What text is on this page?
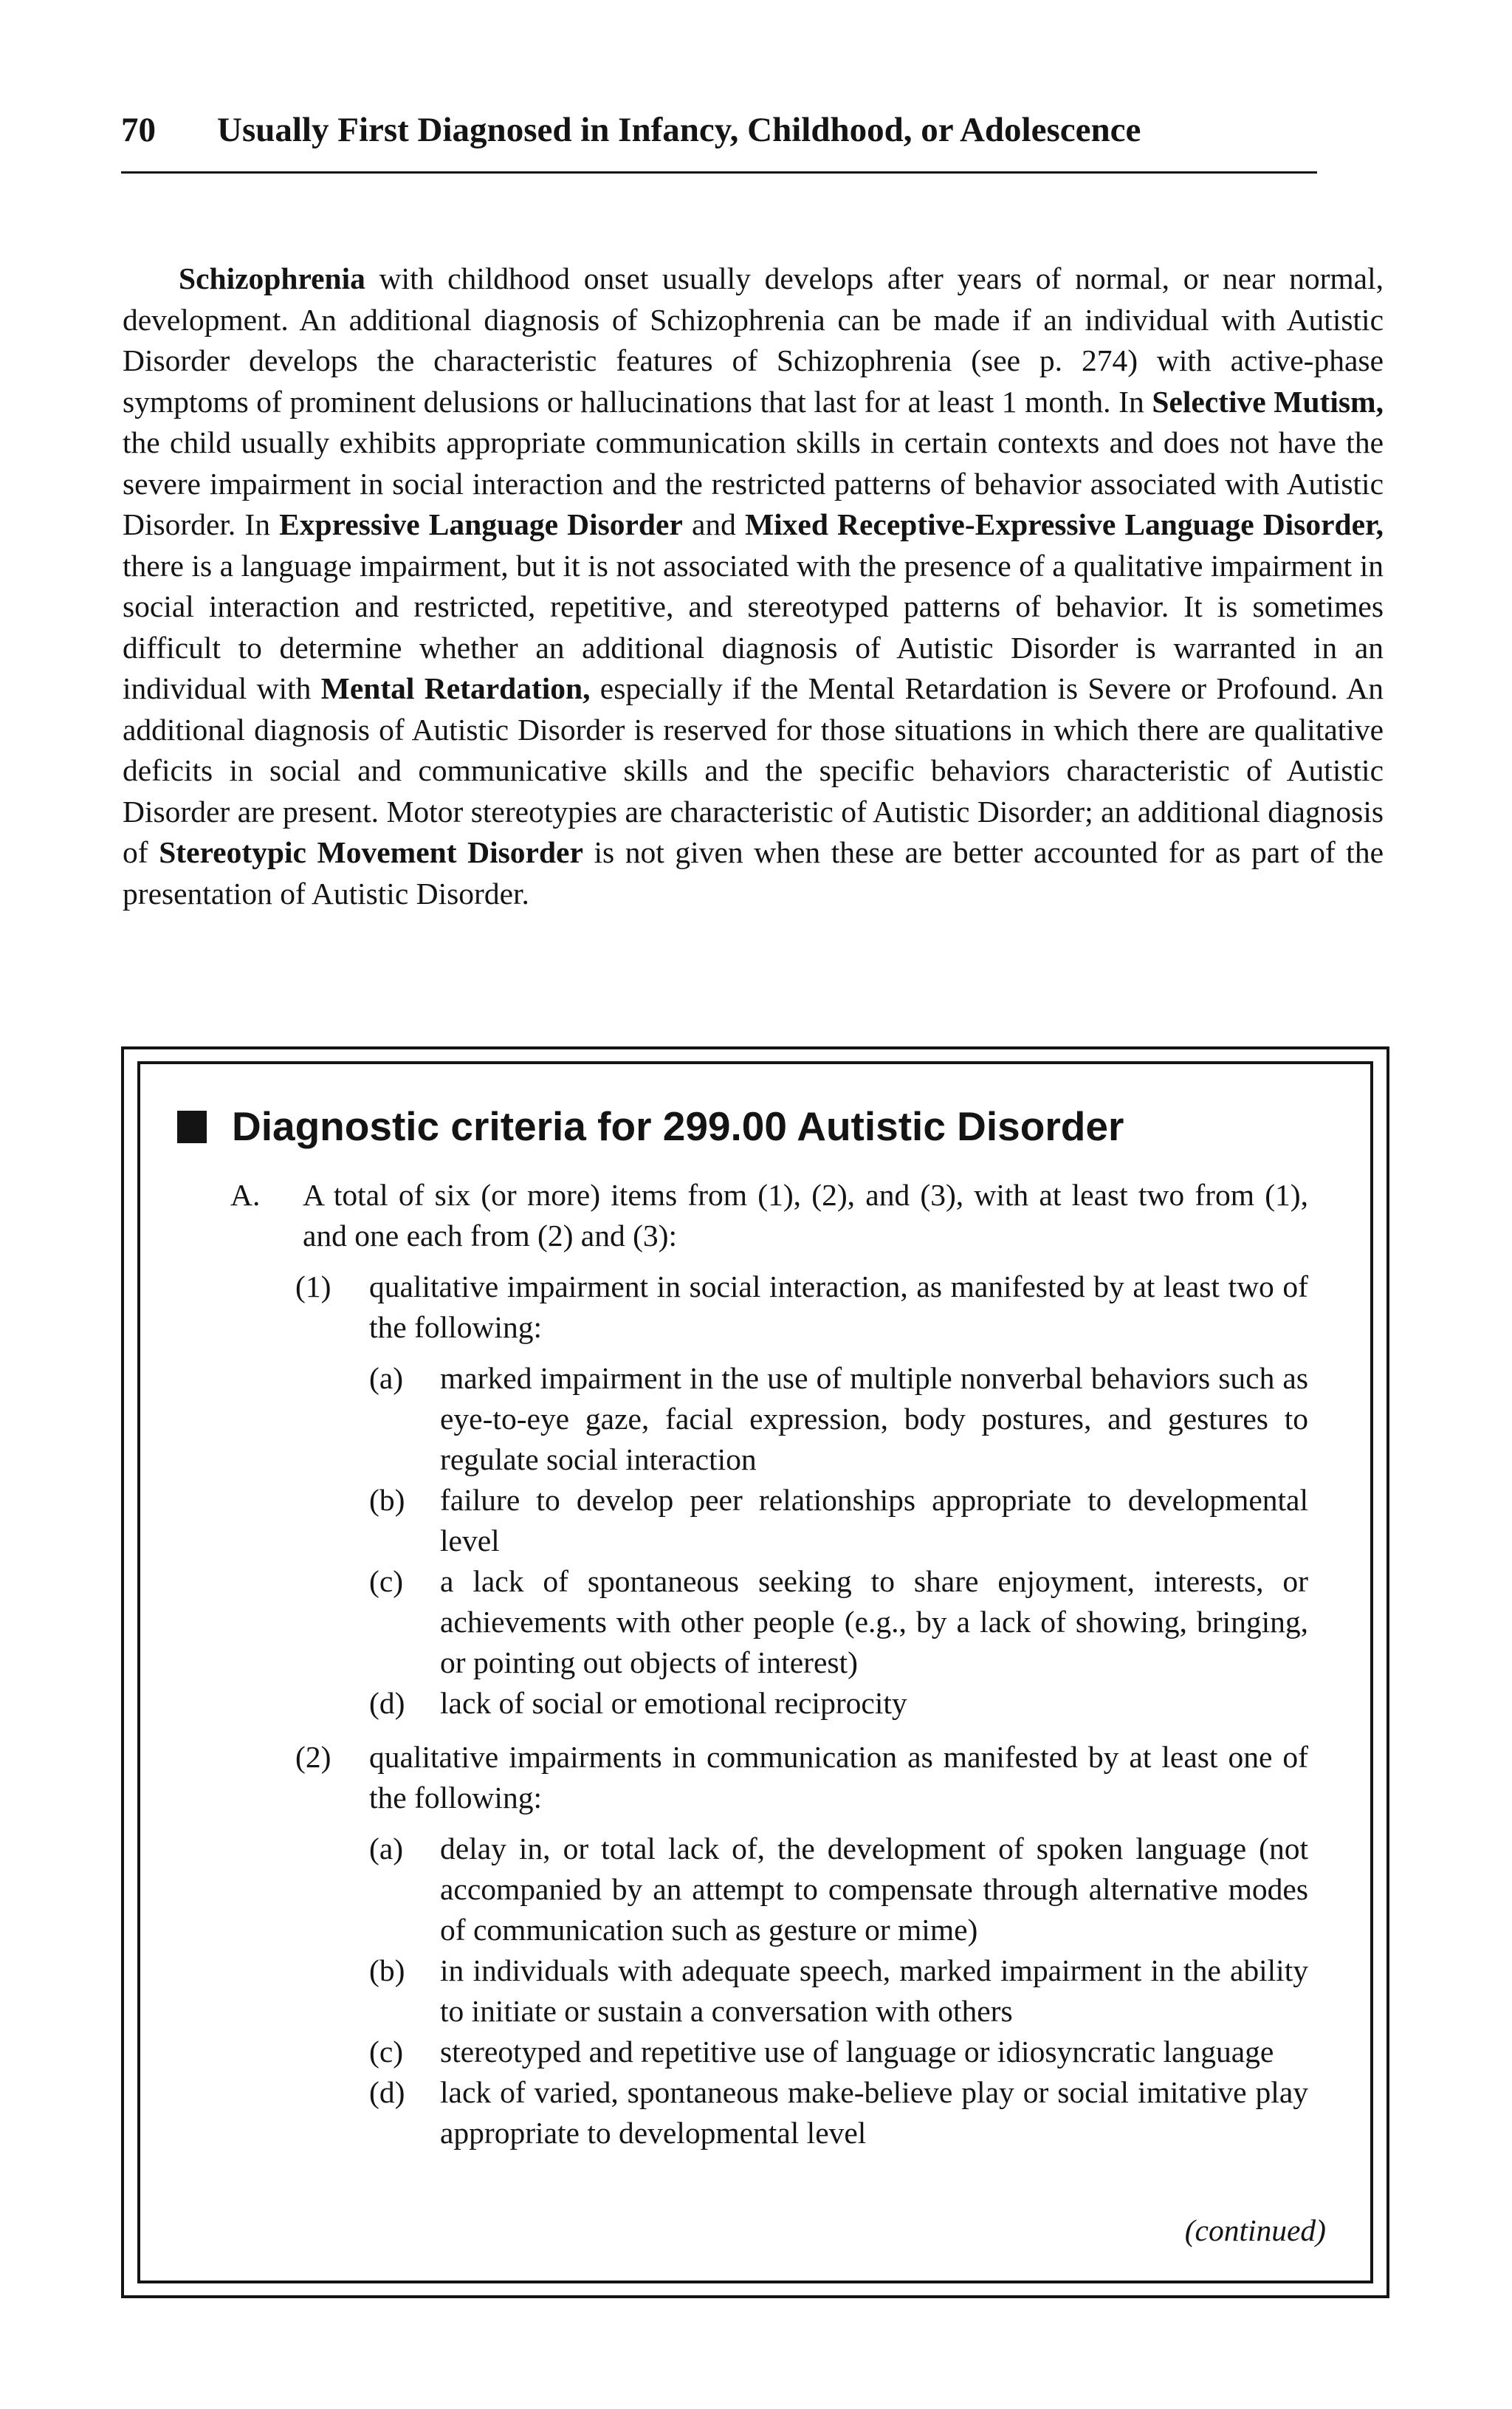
70 Usually First Diagnosed in Infancy, Childhood, or Adolescence

Schizophrenia with childhood onset usually develops after years of normal, or near normal, development. An additional diagnosis of Schizophrenia can be made if an individual with Autistic Disorder develops the characteristic features of Schizophrenia (see p. 274) with active-phase symptoms of prominent delusions or hallucinations that last for at least 1 month. In Selective Mutism, the child usually exhibits appropriate communication skills in certain contexts and does not have the severe impairment in social interaction and the restricted patterns of behavior associated with Autistic Disorder. In Expressive Language Disorder and Mixed Receptive-Expressive Language Disorder, there is a language impairment, but it is not associated with the presence of a qualitative impairment in social interaction and restricted, repetitive, and stereotyped patterns of behavior. It is sometimes difficult to determine whether an additional diagnosis of Autistic Disorder is warranted in an individual with Mental Retardation, especially if the Mental Retardation is Severe or Profound. An additional diagnosis of Autistic Disorder is reserved for those situations in which there are qualitative deficits in social and communicative skills and the specific behaviors characteristic of Autistic Disorder are present. Motor stereotypies are characteristic of Autistic Disorder; an additional diagnosis of Stereotypic Movement Disorder is not given when these are better accounted for as part of the presentation of Autistic Disorder.

Diagnostic criteria for 299.00 Autistic Disorder
A. A total of six (or more) items from (1), (2), and (3), with at least two from (1), and one each from (2) and (3):
(1) qualitative impairment in social interaction, as manifested by at least two of the following:
(a) marked impairment in the use of multiple nonverbal behaviors such as eye-to-eye gaze, facial expression, body postures, and gestures to regulate social interaction
(b) failure to develop peer relationships appropriate to developmental level
(c) a lack of spontaneous seeking to share enjoyment, interests, or achievements with other people (e.g., by a lack of showing, bringing, or pointing out objects of interest)
(d) lack of social or emotional reciprocity
(2) qualitative impairments in communication as manifested by at least one of the following:
(a) delay in, or total lack of, the development of spoken language (not accompanied by an attempt to compensate through alternative modes of communication such as gesture or mime)
(b) in individuals with adequate speech, marked impairment in the ability to initiate or sustain a conversation with others
(c) stereotyped and repetitive use of language or idiosyncratic language
(d) lack of varied, spontaneous make-believe play or social imitative play appropriate to developmental level
(continued)
